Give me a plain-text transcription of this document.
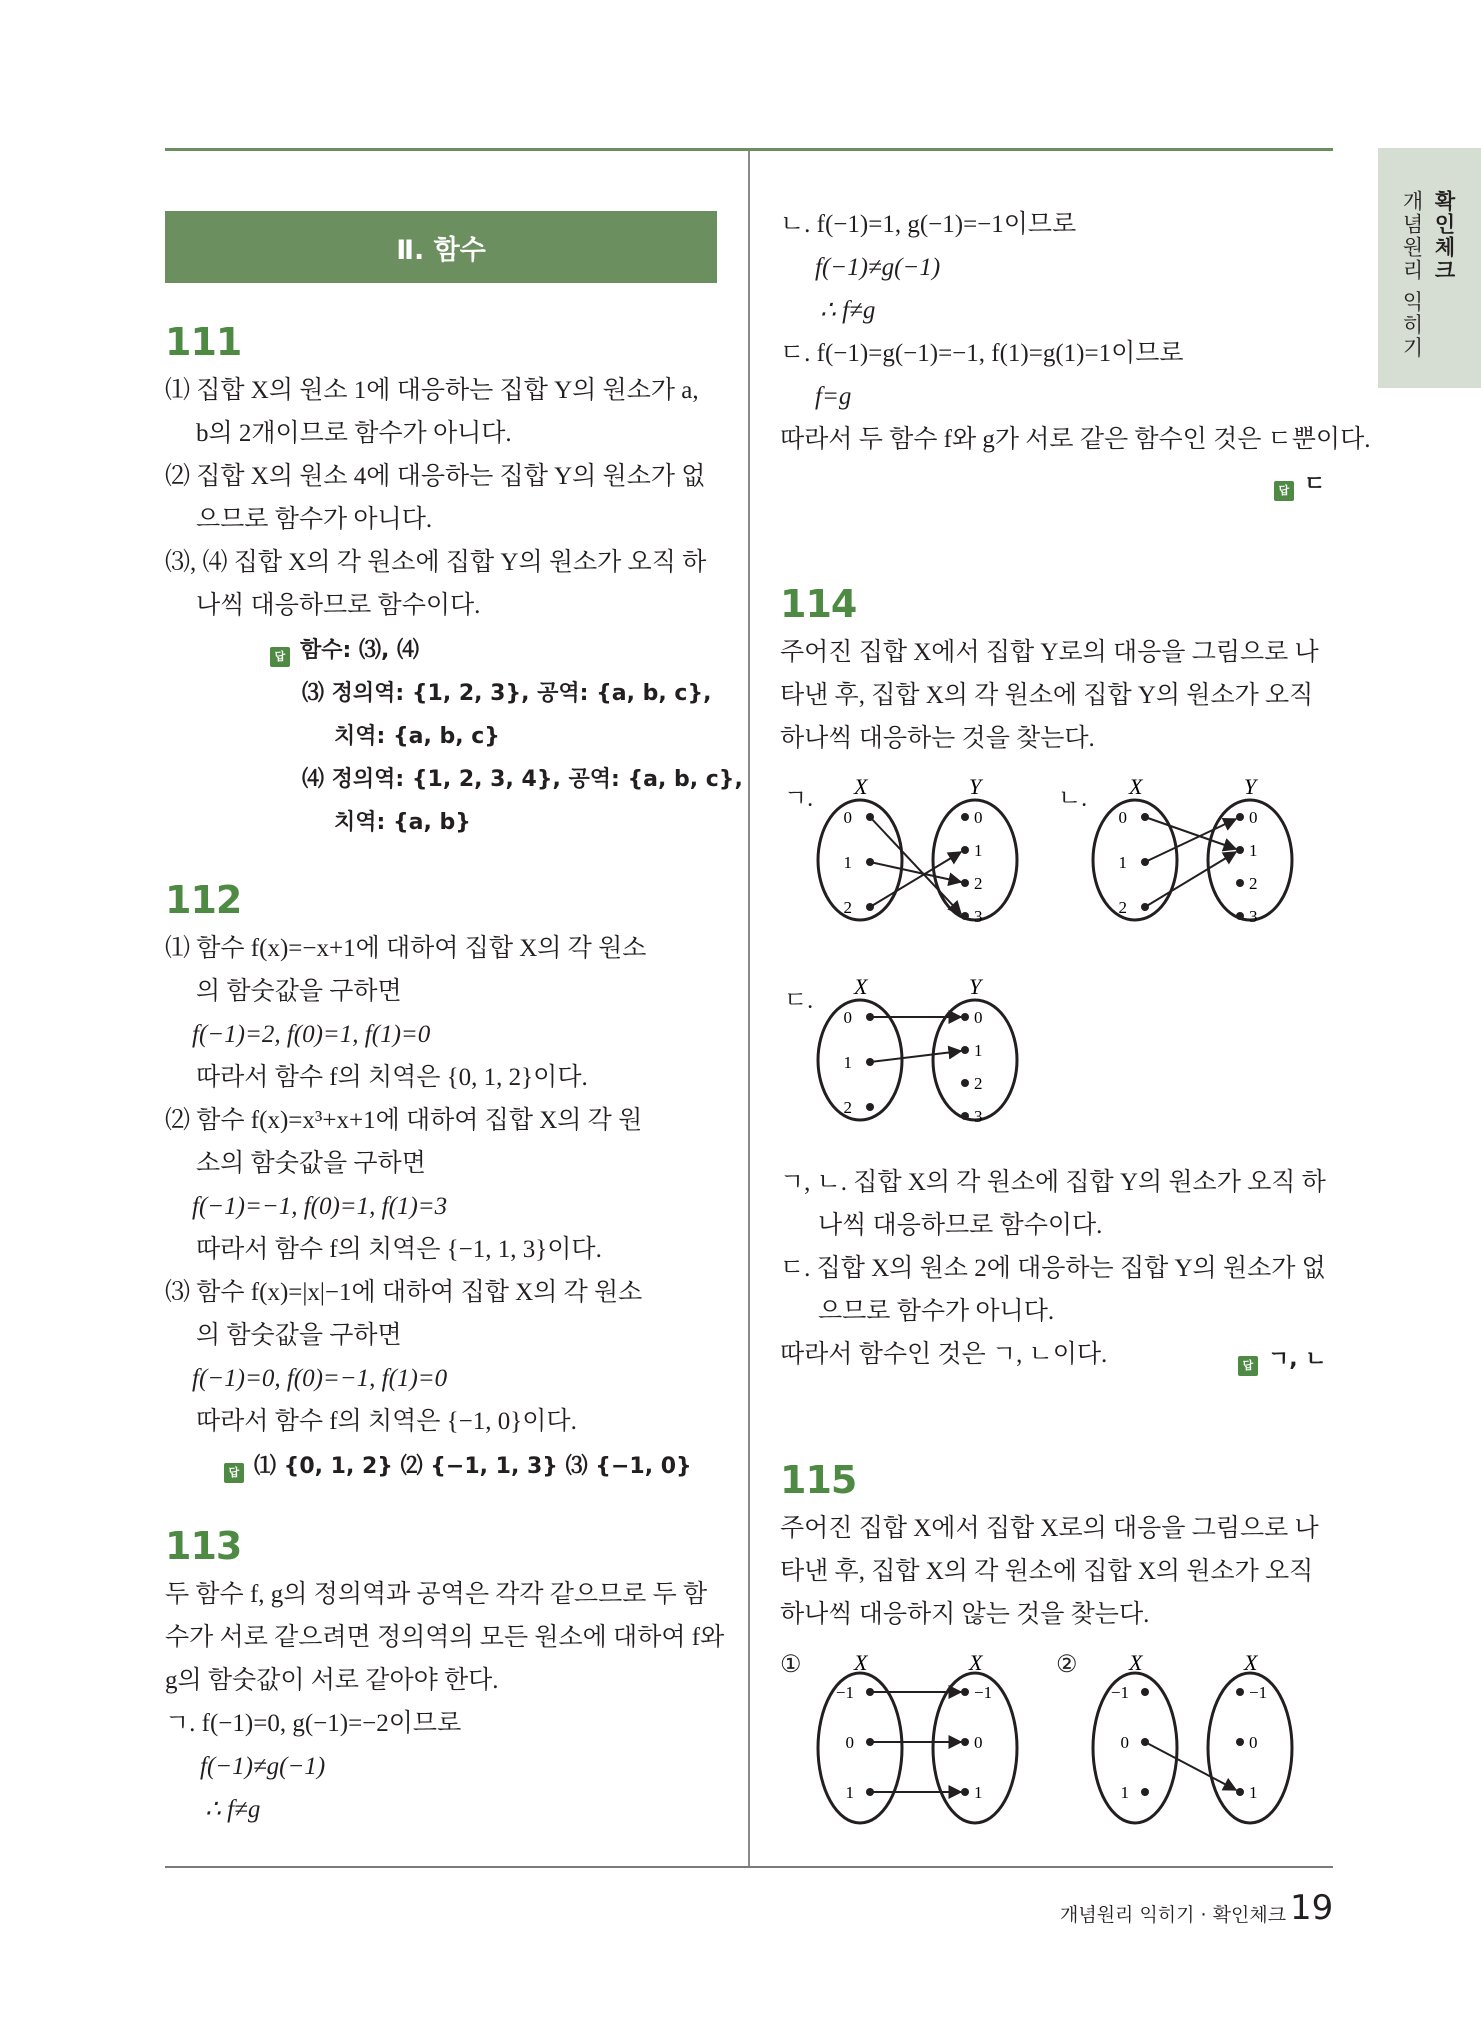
확인체크
개념원리 익히기
Ⅱ. 함수
111
⑴ 집합 X의 원소 1에 대응하는 집합 Y의 원소가 a,
b의 2개이므로 함수가 아니다.
⑵ 집합 X의 원소 4에 대응하는 집합 Y의 원소가 없
으므로 함수가 아니다.
⑶, ⑷ 집합 X의 각 원소에 집합 Y의 원소가 오직 하
나씩 대응하므로 함수이다.
답 함수: ⑶, ⑷
⑶ 정의역: {1, 2, 3}, 공역: {a, b, c},
치역: {a, b, c}
⑷ 정의역: {1, 2, 3, 4}, 공역: {a, b, c},
치역: {a, b}
112
⑴ 함수 f(x)=−x+1에 대하여 집합 X의 각 원소
의 함숫값을 구하면
f(−1)=2, f(0)=1, f(1)=0
따라서 함수 f의 치역은 {0, 1, 2}이다.
⑵ 함수 f(x)=x³+x+1에 대하여 집합 X의 각 원
소의 함숫값을 구하면
f(−1)=−1, f(0)=1, f(1)=3
따라서 함수 f의 치역은 {−1, 1, 3}이다.
⑶ 함수 f(x)=|x|−1에 대하여 집합 X의 각 원소
의 함숫값을 구하면
f(−1)=0, f(0)=−1, f(1)=0
따라서 함수 f의 치역은 {−1, 0}이다.
답 ⑴ {0, 1, 2} ⑵ {−1, 1, 3} ⑶ {−1, 0}
113
두 함수 f, g의 정의역과 공역은 각각 같으므로 두 함
수가 서로 같으려면 정의역의 모든 원소에 대하여 f와
g의 함숫값이 서로 같아야 한다.
ㄱ. f(−1)=0, g(−1)=−2이므로
f(−1)≠g(−1)
∴ f≠g
ㄴ. f(−1)=1, g(−1)=−1이므로
f(−1)≠g(−1)
∴ f≠g
ㄷ. f(−1)=g(−1)=−1, f(1)=g(1)=1이므로
f=g
따라서 두 함수 f와 g가 서로 같은 함수인 것은 ㄷ뿐이다.
답 ㄷ
114
주어진 집합 X에서 집합 Y로의 대응을 그림으로 나
타낸 후, 집합 X의 각 원소에 집합 Y의 원소가 오직
하나씩 대응하는 것을 찾는다.
ㄱ. X	Y
0
1
2
0
1
2
3
ㄴ. X	Y
0
1
2
0
1
2
3
ㄷ.
X	Y
0
1
2
0
1
2
3
ㄱ, ㄴ. 집합 X의 각 원소에 집합 Y의 원소가 오직 하
나씩 대응하므로 함수이다.
ㄷ. 집합 X의 원소 2에 대응하는 집합 Y의 원소가 없
으므로 함수가 아니다.
따라서 함수인 것은 ㄱ, ㄴ이다.	답 ㄱ, ㄴ
115
주어진 집합 X에서 집합 X로의 대응을 그림으로 나
타낸 후, 집합 X의 각 원소에 집합 X의 원소가 오직
하나씩 대응하지 않는 것을 찾는다.
① X	X
−1
0
1
−1
0
1
② X	X
−1
0
1
−1
0
1
개념원리 익히기 · 확인체크 19
